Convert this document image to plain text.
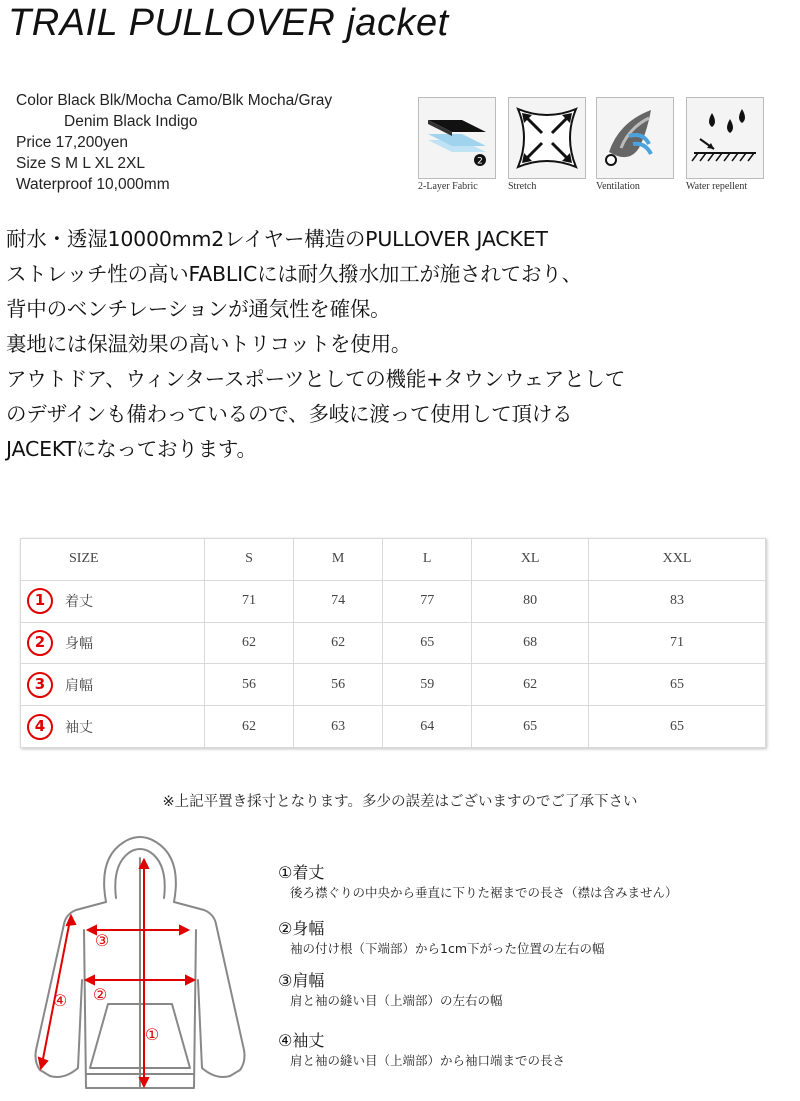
TRAIL PULLOVER jacket
Color Black Blk/Mocha Camo/Blk Mocha/Gray
Denim Black Indigo
Price 17,200yen
Size S M L XL 2XL
Waterproof 10,000mm
2
2-Layer Fabric	Stretch	Ventilation	Water repellent
耐水・透湿10000mm2レイヤー構造のPULLOVER JACKET
ストレッチ性の高いFABLICには耐久撥水加工が施されており、
背中のベンチレーションが通気性を確保。
裏地には保温効果の高いトリコットを使用。
アウトドア、ウィンタースポーツとしての機能+タウンウェアとして
のデザインも備わっているので、多岐に渡って使用して頂ける
JACEKTになっております。
SIZE	S	M	L	XL	XXL
1 着丈	71	74	77	80	83
2 身幅	62	62	65	68	71
3 肩幅	56	56	59	62	65
4 袖丈	62	63	64	65	65
※上記平置き採寸となります。多少の誤差はございますのでご了承下さい
③
②
④
①
①着丈
後ろ襟ぐりの中央から垂直に下りた裾までの長さ（襟は含みません）
②身幅
袖の付け根（下端部）から1cm下がった位置の左右の幅
③肩幅
肩と袖の縫い目（上端部）の左右の幅
④袖丈
肩と袖の縫い目（上端部）から袖口端までの長さ
